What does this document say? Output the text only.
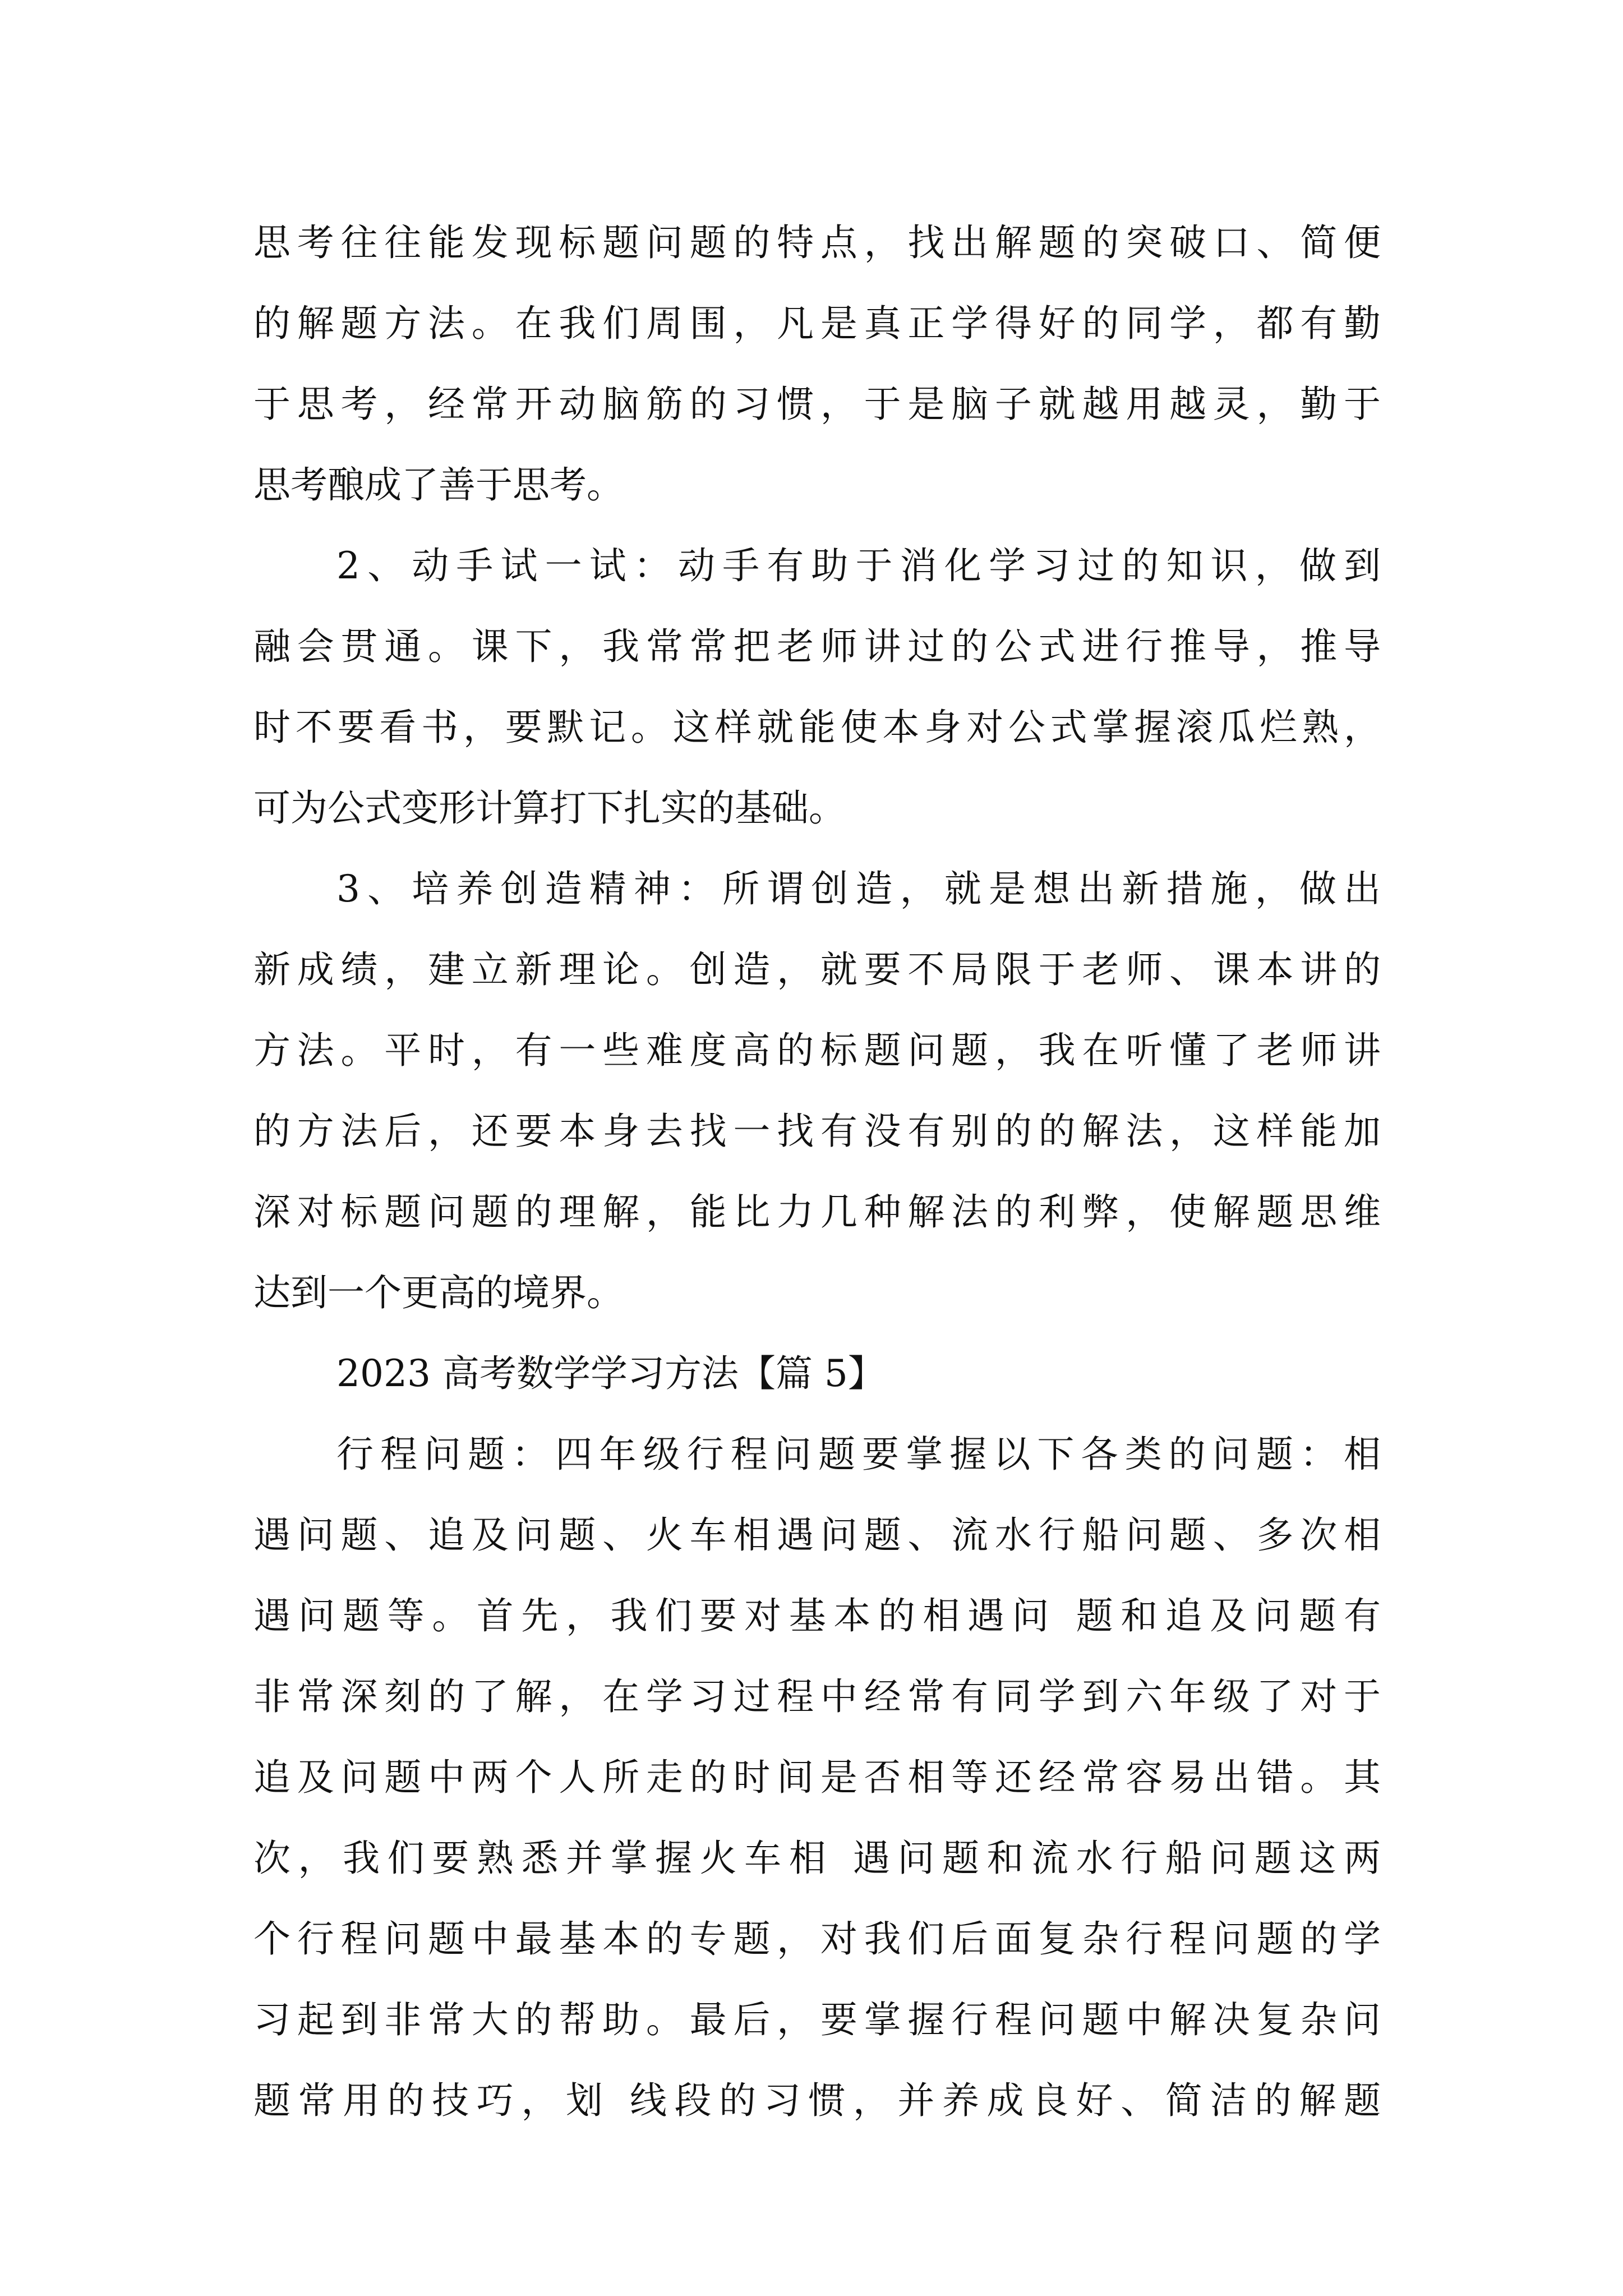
思考往往能发现标题问题的特点，找出解题的突破口、简便

的解题方法。在我们周围，凡是真正学得好的同学，都有勤

于思考，经常开动脑筋的习惯，于是脑子就越用越灵，勤于

思考酿成了善于思考。

2、动手试一试：动手有助于消化学习过的知识，做到

融会贯通。课下，我常常把老师讲过的公式进行推导，推导

时不要看书，要默记。这样就能使本身对公式掌握滚瓜烂熟，

可为公式变形计算打下扎实的基础。

3、培养创造精神：所谓创造，就是想出新措施，做出

新成绩，建立新理论。创造，就要不局限于老师、课本讲的

方法。平时，有一些难度高的标题问题，我在听懂了老师讲

的方法后，还要本身去找一找有没有别的的解法，这样能加

深对标题问题的理解，能比力几种解法的利弊，使解题思维

达到一个更高的境界。

2023 高考数学学习方法【篇 5】

行程问题：四年级行程问题要掌握以下各类的问题：相

遇问题、追及问题、火车相遇问题、流水行船问题、多次相

遇问题等。首先，我们要对基本的相遇问 题和追及问题有

非常深刻的了解，在学习过程中经常有同学到六年级了对于

追及问题中两个人所走的时间是否相等还经常容易出错。其

次，我们要熟悉并掌握火车相 遇问题和流水行船问题这两

个行程问题中最基本的专题，对我们后面复杂行程问题的学

习起到非常大的帮助。最后，要掌握行程问题中解决复杂问

题常用的技巧，划 线段的习惯，并养成良好、简洁的解题
